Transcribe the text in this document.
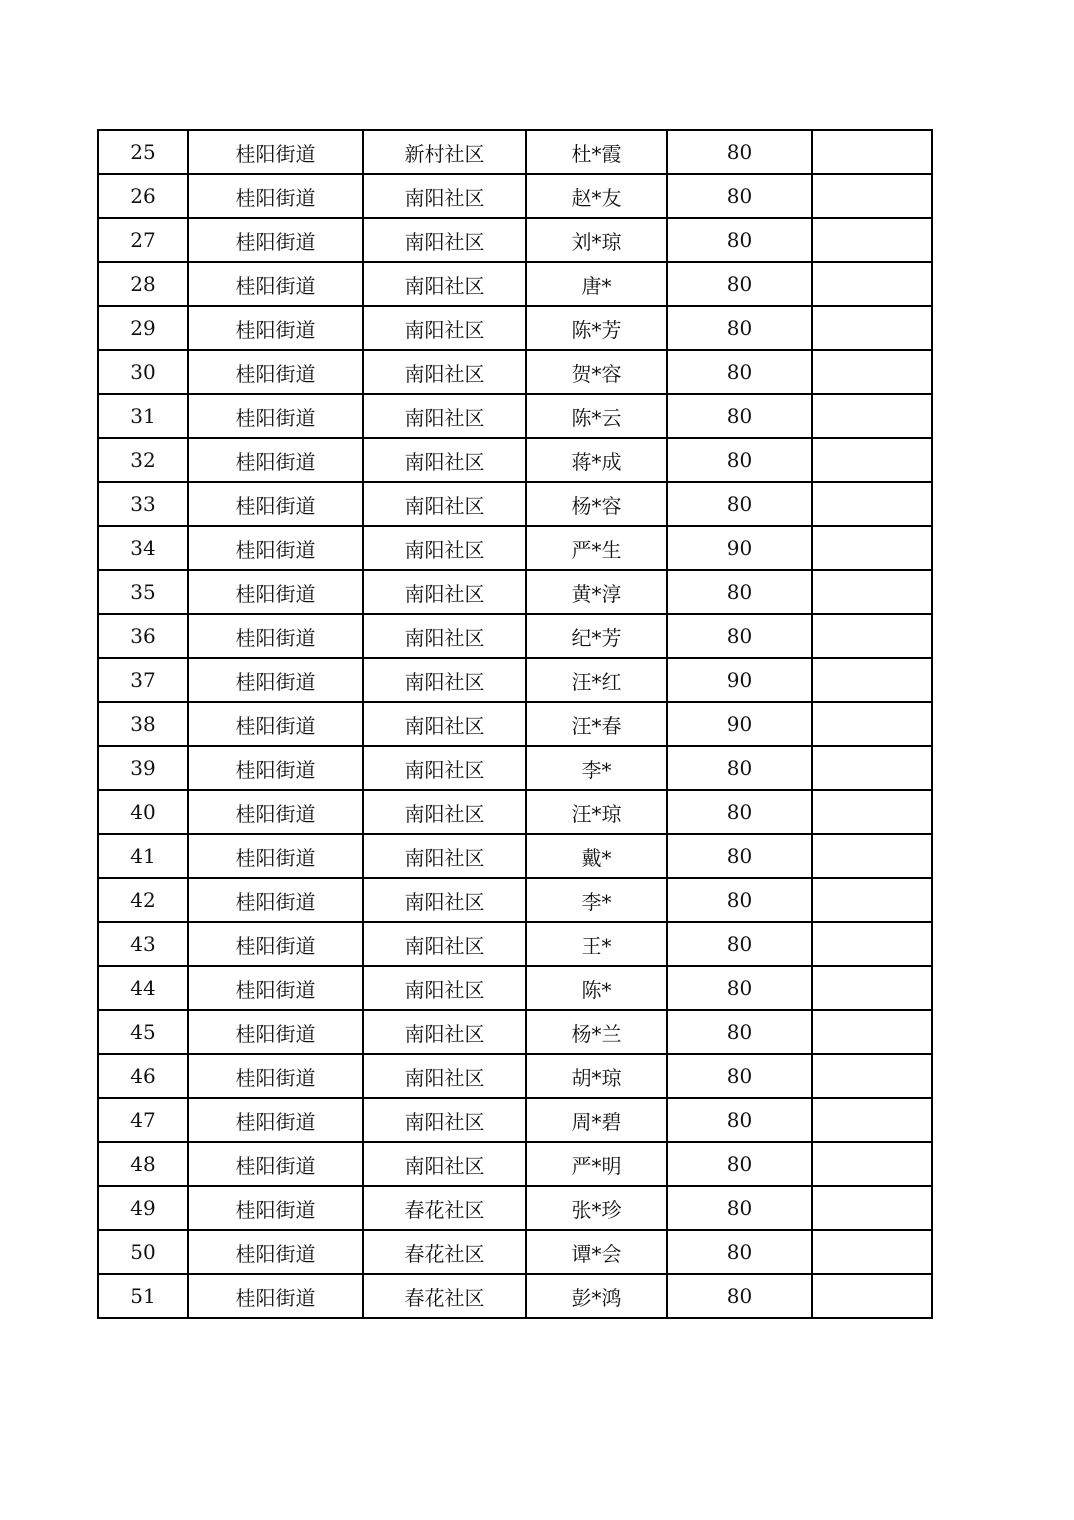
25	桂阳街道	新村社区	杜*霞	80	
26	桂阳街道	南阳社区	赵*友	80	
27	桂阳街道	南阳社区	刘*琼	80	
28	桂阳街道	南阳社区	唐*	80	
29	桂阳街道	南阳社区	陈*芳	80	
30	桂阳街道	南阳社区	贺*容	80	
31	桂阳街道	南阳社区	陈*云	80	
32	桂阳街道	南阳社区	蒋*成	80	
33	桂阳街道	南阳社区	杨*容	80	
34	桂阳街道	南阳社区	严*生	90	
35	桂阳街道	南阳社区	黄*淳	80	
36	桂阳街道	南阳社区	纪*芳	80	
37	桂阳街道	南阳社区	汪*红	90	
38	桂阳街道	南阳社区	汪*春	90	
39	桂阳街道	南阳社区	李*	80	
40	桂阳街道	南阳社区	汪*琼	80	
41	桂阳街道	南阳社区	戴*	80	
42	桂阳街道	南阳社区	李*	80	
43	桂阳街道	南阳社区	王*	80	
44	桂阳街道	南阳社区	陈*	80	
45	桂阳街道	南阳社区	杨*兰	80	
46	桂阳街道	南阳社区	胡*琼	80	
47	桂阳街道	南阳社区	周*碧	80	
48	桂阳街道	南阳社区	严*明	80	
49	桂阳街道	春花社区	张*珍	80	
50	桂阳街道	春花社区	谭*会	80	
51	桂阳街道	春花社区	彭*鸿	80	
